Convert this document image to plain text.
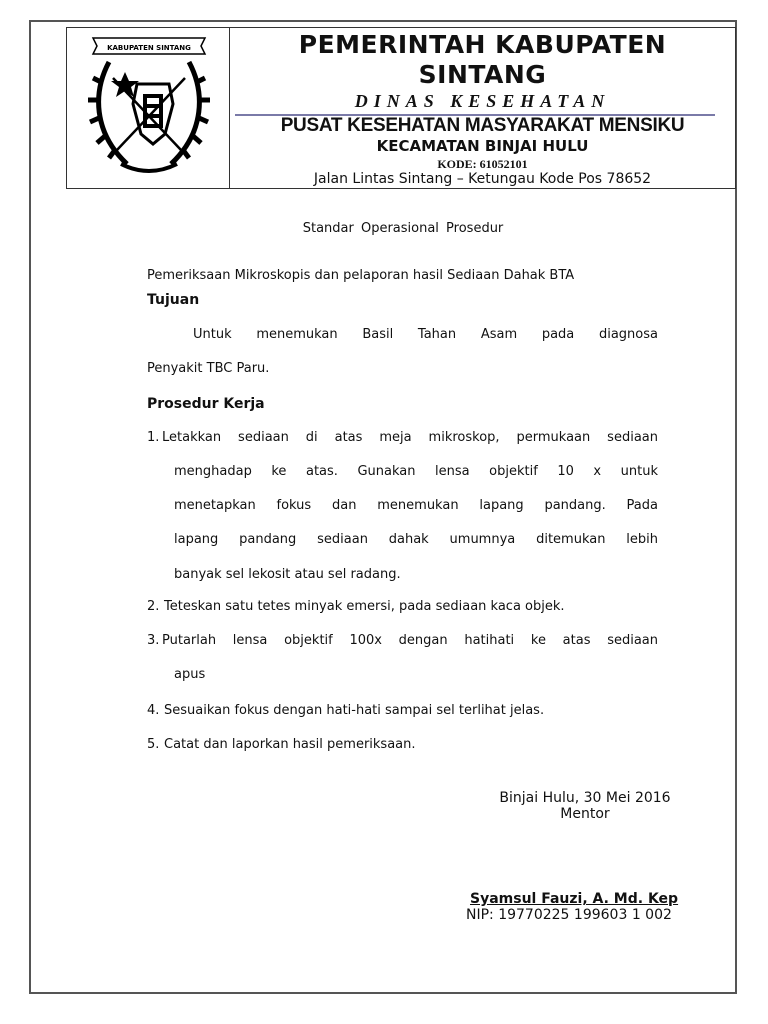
KABUPATEN SINTANG	PEMERINTAH KABUPATEN
SINTANG
DINAS KESEHATAN
PUSAT KESEHATAN MASYARAKAT MENSIKU
KECAMATAN BINJAI HULU
KODE: 61052101
Jalan Lintas Sintang – Ketungau Kode Pos 78652
Standar Operasional Prosedur
Pemeriksaan Mikroskopis dan pelaporan hasil Sediaan Dahak BTA
Tujuan
Untuk menemukan Basil Tahan Asam pada diagnosa
Penyakit TBC Paru.
Prosedur Kerja
1. Letakkan sediaan di atas meja mikroskop, permukaan sediaan
menghadap ke atas. Gunakan lensa objektif 10 x untuk
menetapkan fokus dan menemukan lapang pandang. Pada
lapang pandang sediaan dahak umumnya ditemukan lebih
banyak sel lekosit atau sel radang.
2. Teteskan satu tetes minyak emersi, pada sediaan kaca objek.
3. Putarlah lensa objektif 100x dengan hatihati ke atas sediaan
apus
4. Sesuaikan fokus dengan hati-hati sampai sel terlihat jelas.
5. Catat dan laporkan hasil pemeriksaan.
Binjai Hulu, 30 Mei 2016
Mentor
Syamsul Fauzi, A. Md. Kep
NIP: 19770225 199603 1 002
